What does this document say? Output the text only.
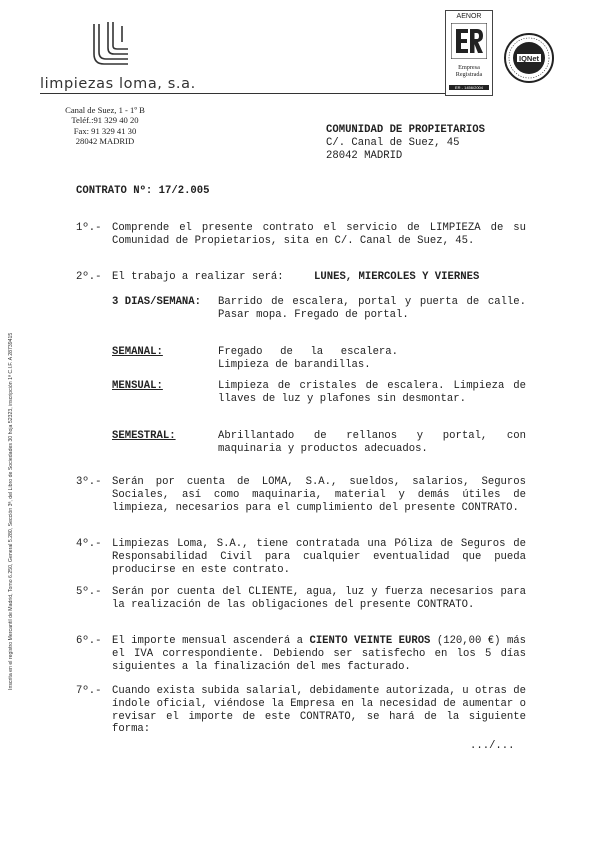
limpiezas loma, s.a.
AENOR
Empresa
Registrada
ER - 1456/2004
IQNet
Canal de Suez, 1 - 1º B
Teléf.:91 329 40 20
Fax: 91 329 41 30
28042 MADRID
COMUNIDAD DE PROPIETARIOS
C/. Canal de Suez, 45
28042 MADRID
CONTRATO Nº: 17/2.005
Inscrita en el registro Mercantil de Madrid, Tomo 6.250, General 5.280, Sección 3ª, del Libro de Sociedades 30 hoja 52323, inscripción 1ª C.I.F. A 28739415
1º.- Comprende el presente contrato el servicio de LIMPIEZA de su Comunidad de Propietarios, sita en C/. Canal de Suez, 45.
2º.- El trabajo a realizar será:	LUNES, MIERCOLES Y VIERNES
3 DIAS/SEMANA: Barrido de escalera, portal y puerta de calle. Pasar mopa. Fregado de portal.
SEMANAL:	Fregado de la escalera. Limpieza de barandillas.
MENSUAL:	Limpieza de cristales de escalera. Limpieza de llaves de luz y plafones sin desmontar.
SEMESTRAL:	Abrillantado de rellanos y portal, con maquinaria y productos adecuados.
3º.- Serán por cuenta de LOMA, S.A., sueldos, salarios, Seguros Sociales, así como maquinaria, material y demás útiles de limpieza, necesarios para el cumplimiento del presente CONTRATO.
4º.- Limpiezas Loma, S.A., tiene contratada una Póliza de Seguros de Responsabilidad Civil para cualquier eventualidad que pueda producirse en este contrato.
5º.- Serán por cuenta del CLIENTE, agua, luz y fuerza necesarios para la realización de las obligaciones del presente CONTRATO.
6º.- El importe mensual ascenderá a CIENTO VEINTE EUROS (120,00 €) más el IVA correspondiente. Debiendo ser satisfecho en los 5 días siguientes a la finalización del mes facturado.
7º.- Cuando exista subida salarial, debidamente autorizada, u otras de índole oficial, viéndose la Empresa en la necesidad de aumentar o revisar el importe de este CONTRATO, se hará de la siguiente forma:
.../...
